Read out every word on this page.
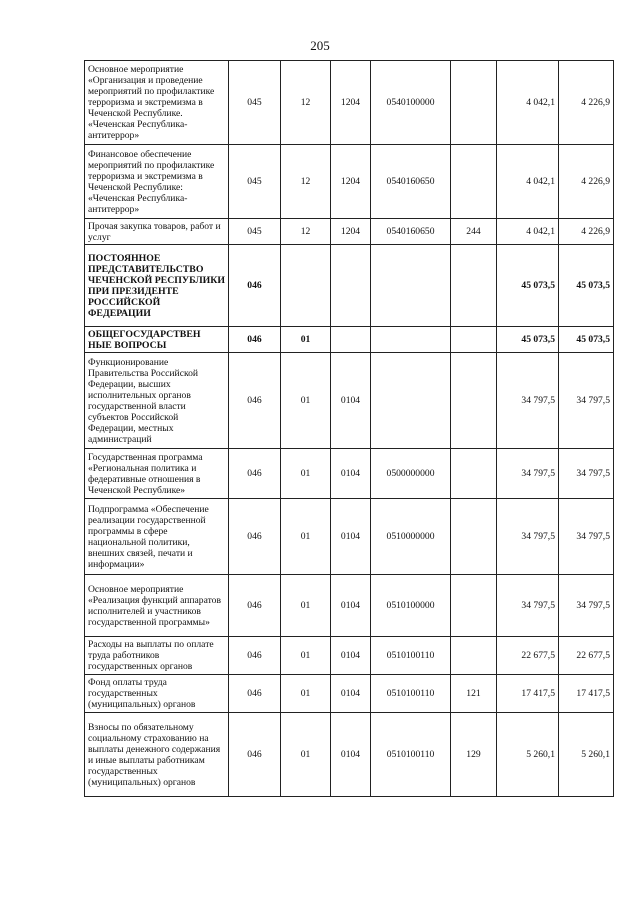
205
Основное мероприятие «Организация и проведение мероприятий по профилактике терроризма и экстремизма в Чеченской Республике. «Чеченская Республика-антитеррор»	045	12	1204	0540100000		4 042,1	4 226,9
Финансовое обеспечение мероприятий по профилактике терроризма и экстремизма в Чеченской Республике: «Чеченская Республика-антитеррор»	045	12	1204	0540160650		4 042,1	4 226,9
Прочая закупка товаров, работ и услуг	045	12	1204	0540160650	244	4 042,1	4 226,9
ПОСТОЯННОЕ ПРЕДСТАВИТЕЛЬСТВО ЧЕЧЕНСКОЙ РЕСПУБЛИКИ ПРИ ПРЕЗИДЕНТЕ РОССИЙСКОЙ ФЕДЕРАЦИИ	046					45 073,5	45 073,5
ОБЩЕГОСУДАРСТВЕН НЫЕ ВОПРОСЫ	046	01				45 073,5	45 073,5
Функционирование Правительства Российской Федерации, высших исполнительных органов государственной власти субъектов Российской Федерации, местных администраций	046	01	0104			34 797,5	34 797,5
Государственная программа «Региональная политика и федеративные отношения в Чеченской Республике»	046	01	0104	0500000000		34 797,5	34 797,5
Подпрограмма «Обеспечение реализации государственной программы в сфере национальной политики, внешних связей, печати и информации»	046	01	0104	0510000000		34 797,5	34 797,5
Основное мероприятие «Реализация функций аппаратов исполнителей и участников государственной программы»	046	01	0104	0510100000		34 797,5	34 797,5
Расходы на выплаты по оплате труда работников государственных органов	046	01	0104	0510100110		22 677,5	22 677,5
Фонд оплаты труда государственных (муниципальных) органов	046	01	0104	0510100110	121	17 417,5	17 417,5
Взносы по обязательному социальному страхованию на выплаты денежного содержания и иные выплаты работникам государственных (муниципальных) органов	046	01	0104	0510100110	129	5 260,1	5 260,1
